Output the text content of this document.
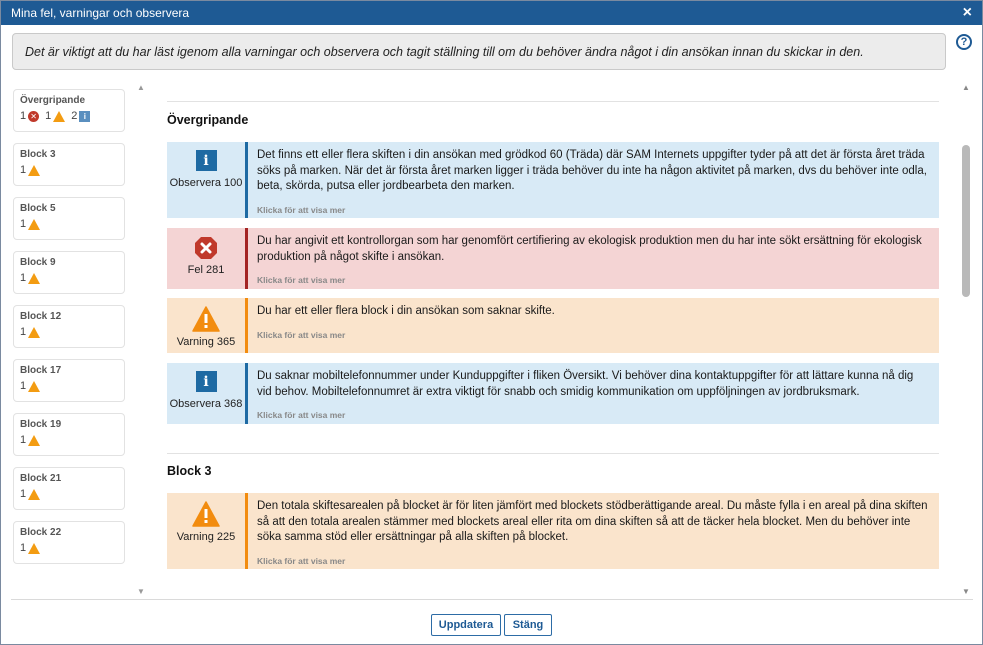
Mina fel, varningar och observera	×
Det är viktigt att du har läst igenom alla varningar och observera och tagit ställning till om du behöver ändra något i din ansökan innan du skickar in den.
?
Övergripande
1 ✕ 1 2 i
Block 3
1
Block 5
1
Block 9
1
Block 12
1
Block 17
1
Block 19
1
Block 21
1
Block 22
1
▲
▼
Övergripande
i
Observera 100
Det finns ett eller flera skiften i din ansökan med grödkod 60 (Träda) där SAM Internets uppgifter tyder på att det är första året träda söks på marken. När det är första året marken ligger i träda behöver du inte ha någon aktivitet på marken, dvs du behöver inte odla, beta, skörda, putsa eller jordbearbeta den marken.
Klicka för att visa mer
Fel 281
Du har angivit ett kontrollorgan som har genomfört certifiering av ekologisk produktion men du har inte sökt ersättning för ekologisk produktion på något skifte i ansökan.
Klicka för att visa mer
Varning 365
Du har ett eller flera block i din ansökan som saknar skifte.
Klicka för att visa mer
i
Observera 368
Du saknar mobiltelefonnummer under Kunduppgifter i fliken Översikt. Vi behöver dina kontaktuppgifter för att lättare kunna nå dig vid behov. Mobiltelefonnumret är extra viktigt för snabb och smidig kommunikation om uppföljningen av jordbruksmark.
Klicka för att visa mer
Block 3
Varning 225
Den totala skiftesarealen på blocket är för liten jämfört med blockets stödberättigande areal. Du måste fylla i en areal på dina skiften så att den totala arealen stämmer med blockets areal eller rita om dina skiften så att de täcker hela blocket. Men du behöver inte söka samma stöd eller ersättningar på alla skiften på blocket.
Klicka för att visa mer
▲
▼
Uppdatera	Stäng
